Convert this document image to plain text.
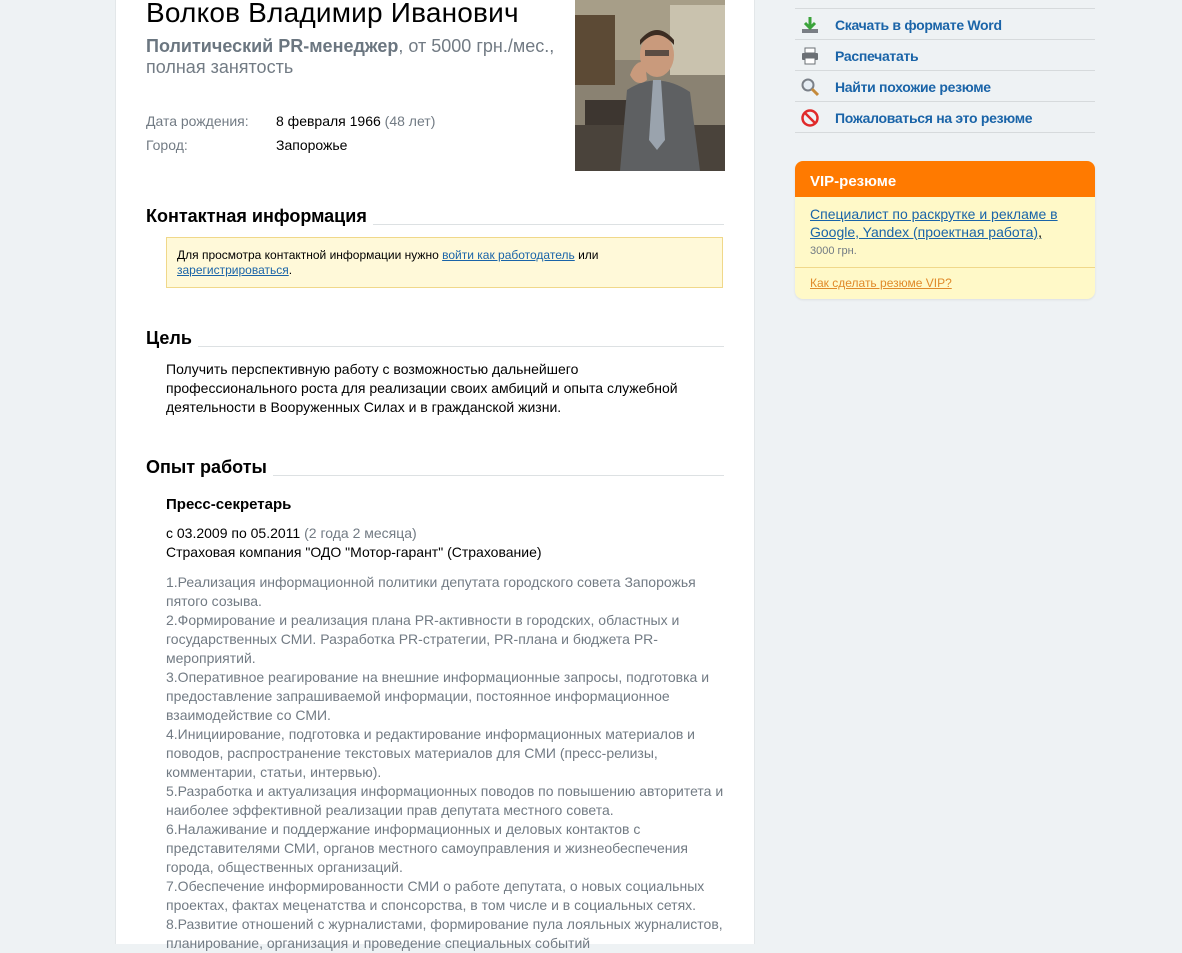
Волков Владимир Иванович
Политический PR-менеджер, от 5000 грн./мес., полная занятость
Дата рождения: 8 февраля 1966 (48 лет)
Город:	Запорожье
Контактная информация
Для просмотра контактной информации нужно войти как работодатель или
зарегистрироваться.
Цель
Получить перспективную работу с возможностью дальнейшего профессионального роста для реализации своих амбиций и опыта служебной деятельности в Вооруженных Силах и в гражданской жизни.
Опыт работы
Пресс-секретарь
с 03.2009 по 05.2011 (2 года 2 месяца)
Страховая компания "ОДО "Мотор-гарант" (Страхование)
1.Реализация информационной политики депутата городского совета Запорожья пятого созыва.
2.Формирование и реализация плана PR-активности в городских, областных и государственных СМИ. Разработка PR-стратегии, PR-плана и бюджета PR-мероприятий.
3.Оперативное реагирование на внешние информационные запросы, подготовка и предоставление запрашиваемой информации, постоянное информационное взаимодействие со СМИ.
4.Инициирование, подготовка и редактирование информационных материалов и поводов, распространение текстовых материалов для СМИ (пресс-релизы, комментарии, статьи, интервью).
5.Разработка и актуализация информационных поводов по повышению авторитета и наиболее эффективной реализации прав депутата местного совета.
6.Налаживание и поддержание информационных и деловых контактов с представителями СМИ, органов местного самоуправления и жизнеобеспечения города, общественных организаций.
7.Обеспечение информированности СМИ о работе депутата, о новых социальных проектах, фактах меценатства и спонсорства, в том числе и в социальных сетях.
8.Развитие отношений с журналистами, формирование пула лояльных журналистов, планирование, организация и проведение специальных событий
Скачать в формате Word
Распечатать
Найти похожие резюме
Пожаловаться на это резюме
VIP-резюме
Специалист по раскрутке и рекламе в Google, Yandex (проектная работа),
3000 грн.
Как сделать резюме VIP?
